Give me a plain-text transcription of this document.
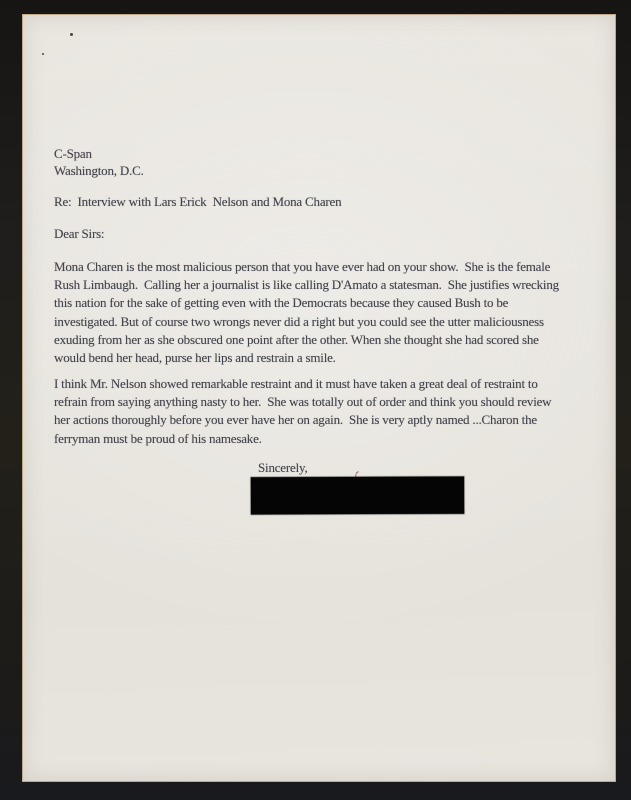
C-Span
Washington, D.C.
Re:  Interview with Lars Erick  Nelson and Mona Charen
Dear Sirs:
Mona Charen is the most malicious person that you have ever had on your show.  She is the female
Rush Limbaugh.  Calling her a journalist is like calling D'Amato a statesman.  She justifies wrecking
this nation for the sake of getting even with the Democrats because they caused Bush to be
investigated. But of course two wrongs never did a right but you could see the utter maliciousness
exuding from her as she obscured one point after the other. When she thought she had scored she
would bend her head, purse her lips and restrain a smile.
I think Mr. Nelson showed remarkable restraint and it must have taken a great deal of restraint to
refrain from saying anything nasty to her.  She was totally out of order and think you should review
her actions thoroughly before you ever have her on again.  She is very aptly named ...Charon the
ferryman must be proud of his namesake.
Sincerely,
